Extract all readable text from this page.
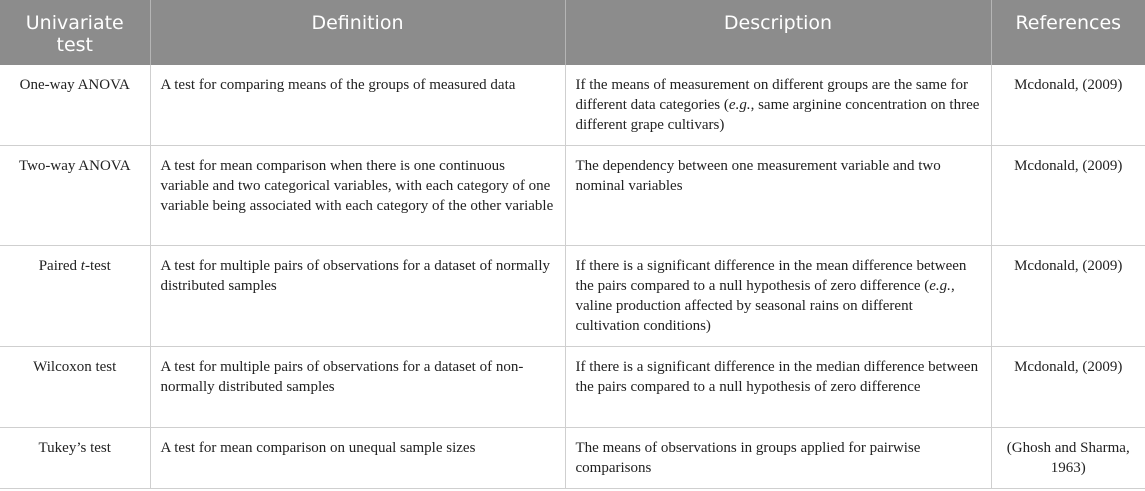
Univariate test	Definition	Description	References
One-way ANOVA	A test for comparing means of the groups of measured data	If the means of measurement on different groups are the same for different data categories (e.g., same arginine concentration on three different grape cultivars)	Mcdonald, (2009)
Two-way ANOVA	A test for mean comparison when there is one continuous variable and two categorical variables, with each category of one variable being associated with each category of the other variable	The dependency between one measurement variable and two nominal variables	Mcdonald, (2009)
Paired t-test	A test for multiple pairs of observations for a dataset of normally distributed samples	If there is a significant difference in the mean difference between the pairs compared to a null hypothesis of zero difference (e.g., valine production affected by seasonal rains on different cultivation conditions)	Mcdonald, (2009)
Wilcoxon test	A test for multiple pairs of observations for a dataset of non-normally distributed samples	If there is a significant difference in the median difference between the pairs compared to a null hypothesis of zero difference	Mcdonald, (2009)
Tukey’s test	A test for mean comparison on unequal sample sizes	The means of observations in groups applied for pairwise comparisons	(Ghosh and Sharma, 1963)
